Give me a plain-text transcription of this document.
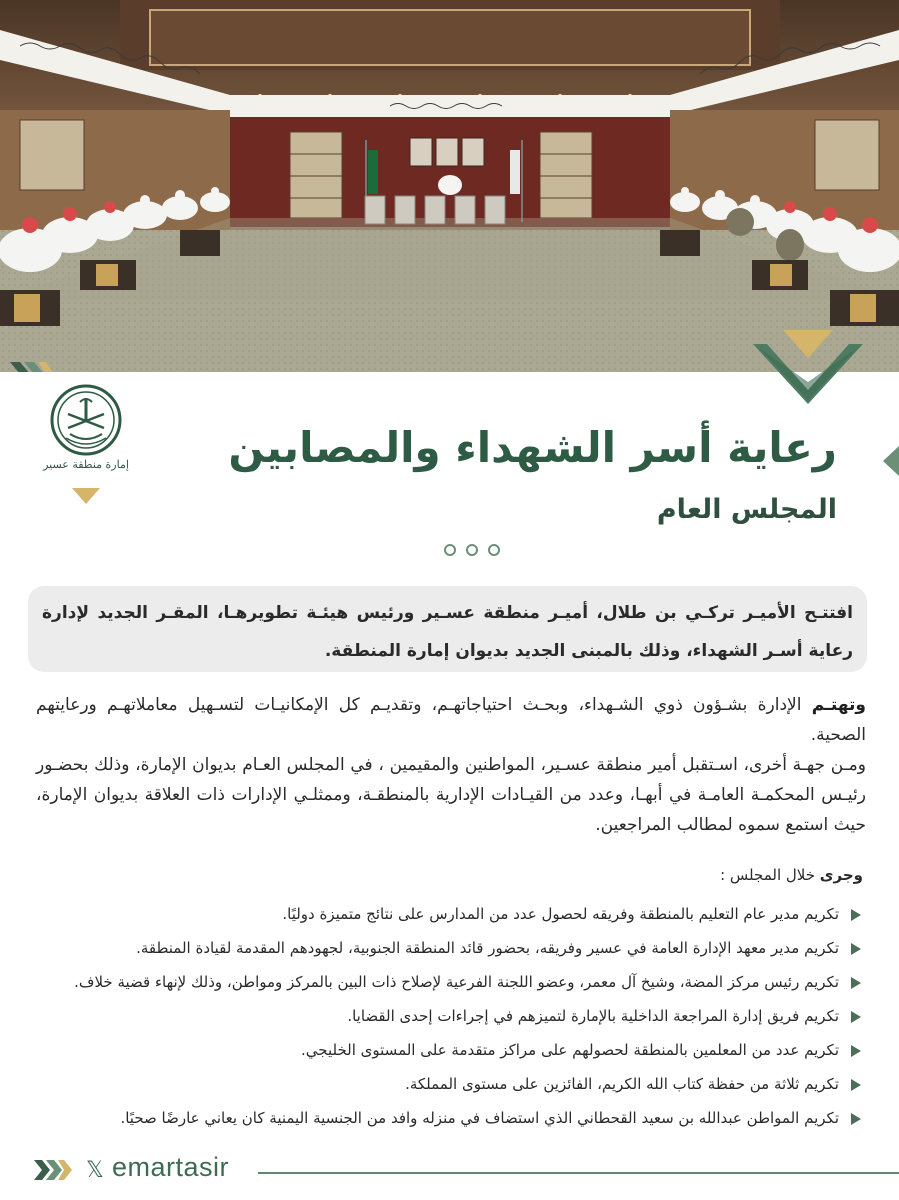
إمارة منطقة عسير	رعاية أسر الشهداء والمصابين
المجلس العام

افتتـح الأميـر تركـي بن طلال، أميـر منطقة عسـير ورئيس هيئـة تطويرهـا، المقـر الجديد لإدارة رعاية أسـر الشهداء، وذلك بالمبنى الجديد بديوان إمارة المنطقة.

وتهتـم الإدارة بشـؤون ذوي الشـهداء، وبحـث احتياجاتهـم، وتقديـم كل الإمكانيـات لتسـهيل معاملاتهـم ورعايتهم الصحية.

ومـن جهـة أخرى، اسـتقبل أمير منطقة عسـير، المواطنين والمقيمين ، في المجلس العـام بديوان الإمارة، وذلك بحضـور رئيـس المحكمـة العامـة في أبهـا، وعدد من القيـادات الإدارية بالمنطقـة، وممثلـي الإدارات ذات العلاقة بديوان الإمارة، حيث استمع سموه لمطالب المراجعين.

وجرى خلال المجلس :
تكريم مدير عام التعليم بالمنطقة وفريقه لحصول عدد من المدارس على نتائج متميزة دوليًا.
تكريم مدير معهد الإدارة العامة في عسير وفريقه، بحضور قائد المنطقة الجنوبية، لجهودهم المقدمة لقيادة المنطقة.
تكريم رئيس مركز المضة، وشيخ آل معمر، وعضو اللجنة الفرعية لإصلاح ذات البين بالمركز ومواطن، وذلك لإنهاء قضية خلاف.
تكريم فريق إدارة المراجعة الداخلية بالإمارة لتميزهم في إجراءات إحدى القضايا.
تكريم عدد من المعلمين بالمنطقة لحصولهم على مراكز متقدمة على المستوى الخليجي.
تكريم ثلاثة من حفظة كتاب الله الكريم، الفائزين على مستوى المملكة.
تكريم المواطن عبدالله بن سعيد القحطاني الذي استضاف في منزله وافد من الجنسية اليمنية كان يعاني عارضًا صحيًا.
𝕏 emartasir
